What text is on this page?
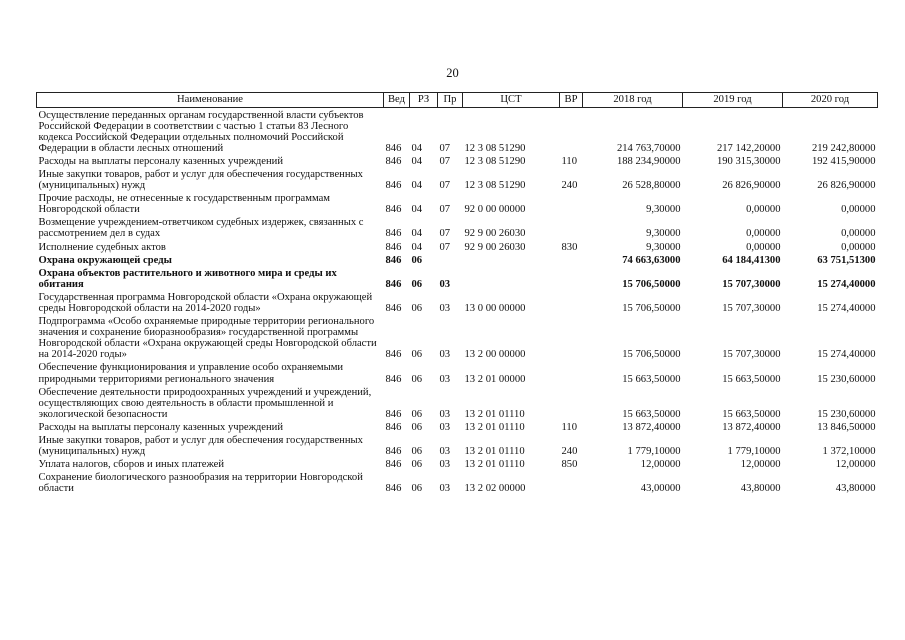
20
Наименование	Вед	РЗ	Пр	ЦСТ	ВР	2018 год	2019 год	2020 год
Осуществление переданных органам государственной власти субъектов Российской Федерации в соответствии с частью 1 статьи 83 Лесного кодекса Российской Федерации отдельных полномочий Российской Федерации в области лесных отношений	846	04	07	12 3 08 51290		214 763,70000	217 142,20000	219 242,80000
Расходы на выплаты персоналу казенных учреждений	846	04	07	12 3 08 51290	110	188 234,90000	190 315,30000	192 415,90000
Иные закупки товаров, работ и услуг для обеспечения государственных (муниципальных) нужд	846	04	07	12 3 08 51290	240	26 528,80000	26 826,90000	26 826,90000
Прочие расходы, не отнесенные к государственным программам Новгородской области	846	04	07	92 0 00 00000		9,30000	0,00000	0,00000
Возмещение учреждением-ответчиком судебных издержек, связанных с рассмотрением дел в судах	846	04	07	92 9 00 26030		9,30000	0,00000	0,00000
Исполнение судебных актов	846	04	07	92 9 00 26030	830	9,30000	0,00000	0,00000
Охрана окружающей среды	846	06				74 663,63000	64 184,41300	63 751,51300
Охрана объектов растительного и животного мира и среды их обитания	846	06	03			15 706,50000	15 707,30000	15 274,40000
Государственная программа Новгородской области «Охрана окружающей среды Новгородской области на 2014-2020 годы»	846	06	03	13 0 00 00000		15 706,50000	15 707,30000	15 274,40000
Подпрограмма «Особо охраняемые природные территории регионального значения и сохранение биоразнообразия» государственной программы Новгородской области «Охрана окружающей среды Новгородской области на 2014-2020 годы»	846	06	03	13 2 00 00000		15 706,50000	15 707,30000	15 274,40000
Обеспечение функционирования и управление особо охраняемыми природными территориями регионального значения	846	06	03	13 2 01 00000		15 663,50000	15 663,50000	15 230,60000
Обеспечение деятельности природоохранных учреждений и учреждений, осуществляющих свою деятельность в области промышленной и экологической безопасности	846	06	03	13 2 01 01110		15 663,50000	15 663,50000	15 230,60000
Расходы на выплаты персоналу казенных учреждений	846	06	03	13 2 01 01110	110	13 872,40000	13 872,40000	13 846,50000
Иные закупки товаров, работ и услуг для обеспечения государственных (муниципальных) нужд	846	06	03	13 2 01 01110	240	1 779,10000	1 779,10000	1 372,10000
Уплата налогов, сборов и иных платежей	846	06	03	13 2 01 01110	850	12,00000	12,00000	12,00000
Сохранение биологического разнообразия на территории Новгородской области	846	06	03	13 2 02 00000		43,00000	43,80000	43,80000
